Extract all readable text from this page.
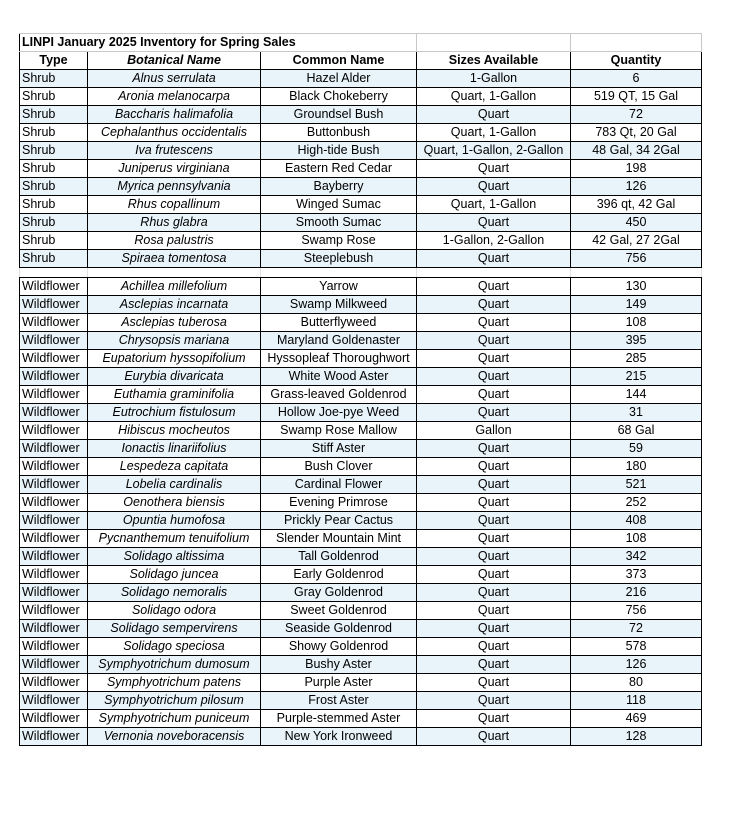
LINPI January 2025 Inventory for Spring Sales				
Type	Botanical Name	Common Name	Sizes Available	Quantity
Shrub	Alnus serrulata	Hazel Alder	1-Gallon	6
Shrub	Aronia melanocarpa	Black Chokeberry	Quart, 1-Gallon	519 QT, 15 Gal
Shrub	Baccharis halimafolia	Groundsel Bush	Quart	72
Shrub	Cephalanthus occidentalis	Buttonbush	Quart, 1-Gallon	783 Qt, 20 Gal
Shrub	Iva frutescens	High-tide Bush	Quart, 1-Gallon, 2-Gallon	48 Gal, 34 2Gal
Shrub	Juniperus virginiana	Eastern Red Cedar	Quart	198
Shrub	Myrica pennsylvania	Bayberry	Quart	126
Shrub	Rhus copallinum	Winged Sumac	Quart, 1-Gallon	396 qt, 42 Gal
Shrub	Rhus glabra	Smooth Sumac	Quart	450
Shrub	Rosa palustris	Swamp Rose	1-Gallon, 2-Gallon	42 Gal, 27 2Gal
Shrub	Spiraea tomentosa	Steeplebush	Quart	756

Wildflower	Achillea millefolium	Yarrow	Quart	130
Wildflower	Asclepias incarnata	Swamp Milkweed	Quart	149
Wildflower	Asclepias tuberosa	Butterflyweed	Quart	108
Wildflower	Chrysopsis mariana	Maryland Goldenaster	Quart	395
Wildflower	Eupatorium hyssopifolium	Hyssopleaf Thoroughwort	Quart	285
Wildflower	Eurybia divaricata	White Wood Aster	Quart	215
Wildflower	Euthamia graminifolia	Grass-leaved Goldenrod	Quart	144
Wildflower	Eutrochium fistulosum	Hollow Joe-pye Weed	Quart	31
Wildflower	Hibiscus mocheutos	Swamp Rose Mallow	Gallon	68 Gal
Wildflower	Ionactis linariifolius	Stiff Aster	Quart	59
Wildflower	Lespedeza capitata	Bush Clover	Quart	180
Wildflower	Lobelia cardinalis	Cardinal Flower	Quart	521
Wildflower	Oenothera biensis	Evening Primrose	Quart	252
Wildflower	Opuntia humofosa	Prickly Pear Cactus	Quart	408
Wildflower	Pycnanthemum tenuifolium	Slender Mountain Mint	Quart	108
Wildflower	Solidago altissima	Tall Goldenrod	Quart	342
Wildflower	Solidago juncea	Early Goldenrod	Quart	373
Wildflower	Solidago nemoralis	Gray Goldenrod	Quart	216
Wildflower	Solidago odora	Sweet Goldenrod	Quart	756
Wildflower	Solidago sempervirens	Seaside Goldenrod	Quart	72
Wildflower	Solidago speciosa	Showy Goldenrod	Quart	578
Wildflower	Symphyotrichum dumosum	Bushy Aster	Quart	126
Wildflower	Symphyotrichum patens	Purple Aster	Quart	80
Wildflower	Symphyotrichum pilosum	Frost Aster	Quart	118
Wildflower	Symphyotrichum puniceum	Purple-stemmed Aster	Quart	469
Wildflower	Vernonia noveboracensis	New York Ironweed	Quart	128
